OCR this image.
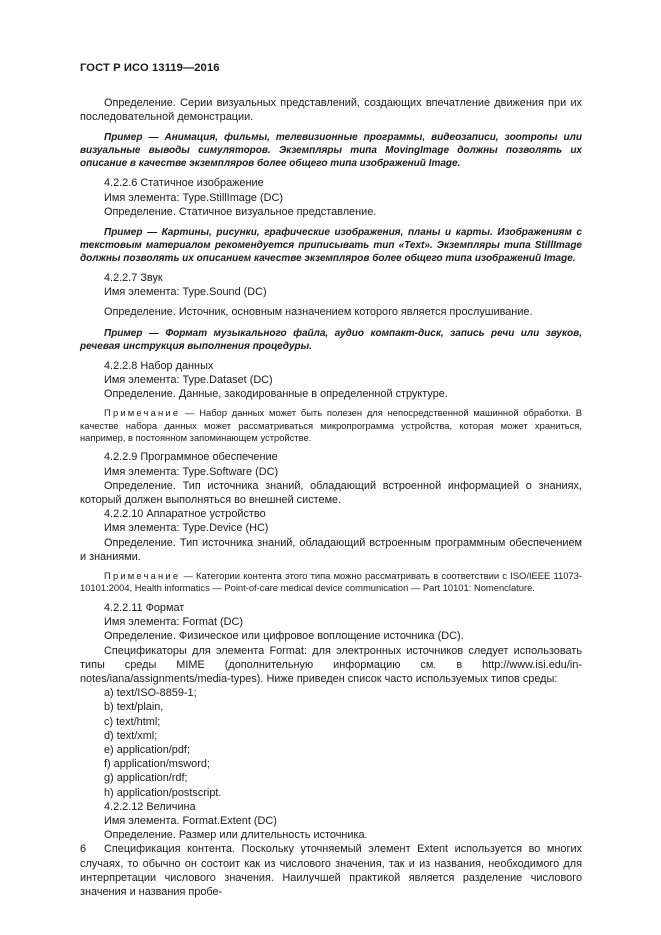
ГОСТ Р ИСО 13119—2016

Определение. Серии визуальных представлений, создающих впечатление движения при их последовательной демонстрации.

Пример — Анимация, фильмы, телевизионные программы, видеозаписи, зоотропы или визуальные выводы симуляторов. Экземпляры типа MovingImage должны позволять их описание в качестве экземпляров более общего типа изображений Image.

4.2.2.6 Статичное изображение

Имя элемента: Type.StillImage (DC)

Определение. Статичное визуальное представление.

Пример — Картины, рисунки, графические изображения, планы и карты. Изображениям с текстовым материалом рекомендуется приписывать тип «Text». Экземпляры типа StillImage должны позволять их описанием качестве экземпляров более общего типа изображений Image.

4.2.2.7 Звук

Имя элемента: Type.Sound (DC)

Определение. Источник, основным назначением которого является прослушивание.

Пример — Формат музыкального файла, аудио компакт-диск, запись речи или звуков, речевая инструкция выполнения процедуры.

4.2.2.8 Набор данных

Имя элемента: Type.Dataset (DC)

Определение. Данные, закодированные в определенной структуре.

Примечание — Набор данных может быть полезен для непосредственной машинной обработки. В качестве набора данных может рассматриваться микропрограмма устройства, которая может храниться, например, в постоянном запоминающем устройстве.

4.2.2.9 Программное обеспечение

Имя элемента: Type.Software (DC)

Определение. Тип источника знаний, обладающий встроенной информацией о знаниях, который должен выполняться во внешней системе.

4.2.2.10 Аппаратное устройство

Имя элемента: Type.Device (HC)

Определение. Тип источника знаний, обладающий встроенным программным обеспечением и знаниями.

Примечание — Категории контента этого типа можно рассматривать в соответствии с ISO/IEEE 11073-10101:2004, Health informatics — Point-of-care medical device communication — Part 10101: Nomenclature.

4.2.2.11 Формат

Имя элемента: Format (DC)

Определение. Физическое или цифровое воплощение источника (DC).

Спецификаторы для элемента Format: для электронных источников следует использовать типы среды MIME (дополнительную информацию см. в http://www.isi.edu/in-notes/iana/assignments/media-types). Ниже приведен список часто используемых типов среды:

a) text/ISO-8859-1;

b) text/plain,

c) text/html;

d) text/xml;

e) application/pdf;

f) application/msword;

g) application/rdf;

h) application/postscript.

4.2.2.12 Величина

Имя элемента. Format.Extent (DC)

Определение. Размер или длительность источника.

Спецификация контента. Поскольку уточняемый элемент Extent используется во многих случаях, то обычно он состоит как из числового значения, так и из названия, необходимого для интерпретации числового значения. Наилучшей практикой является разделение числового значения и названия пробе-

6
